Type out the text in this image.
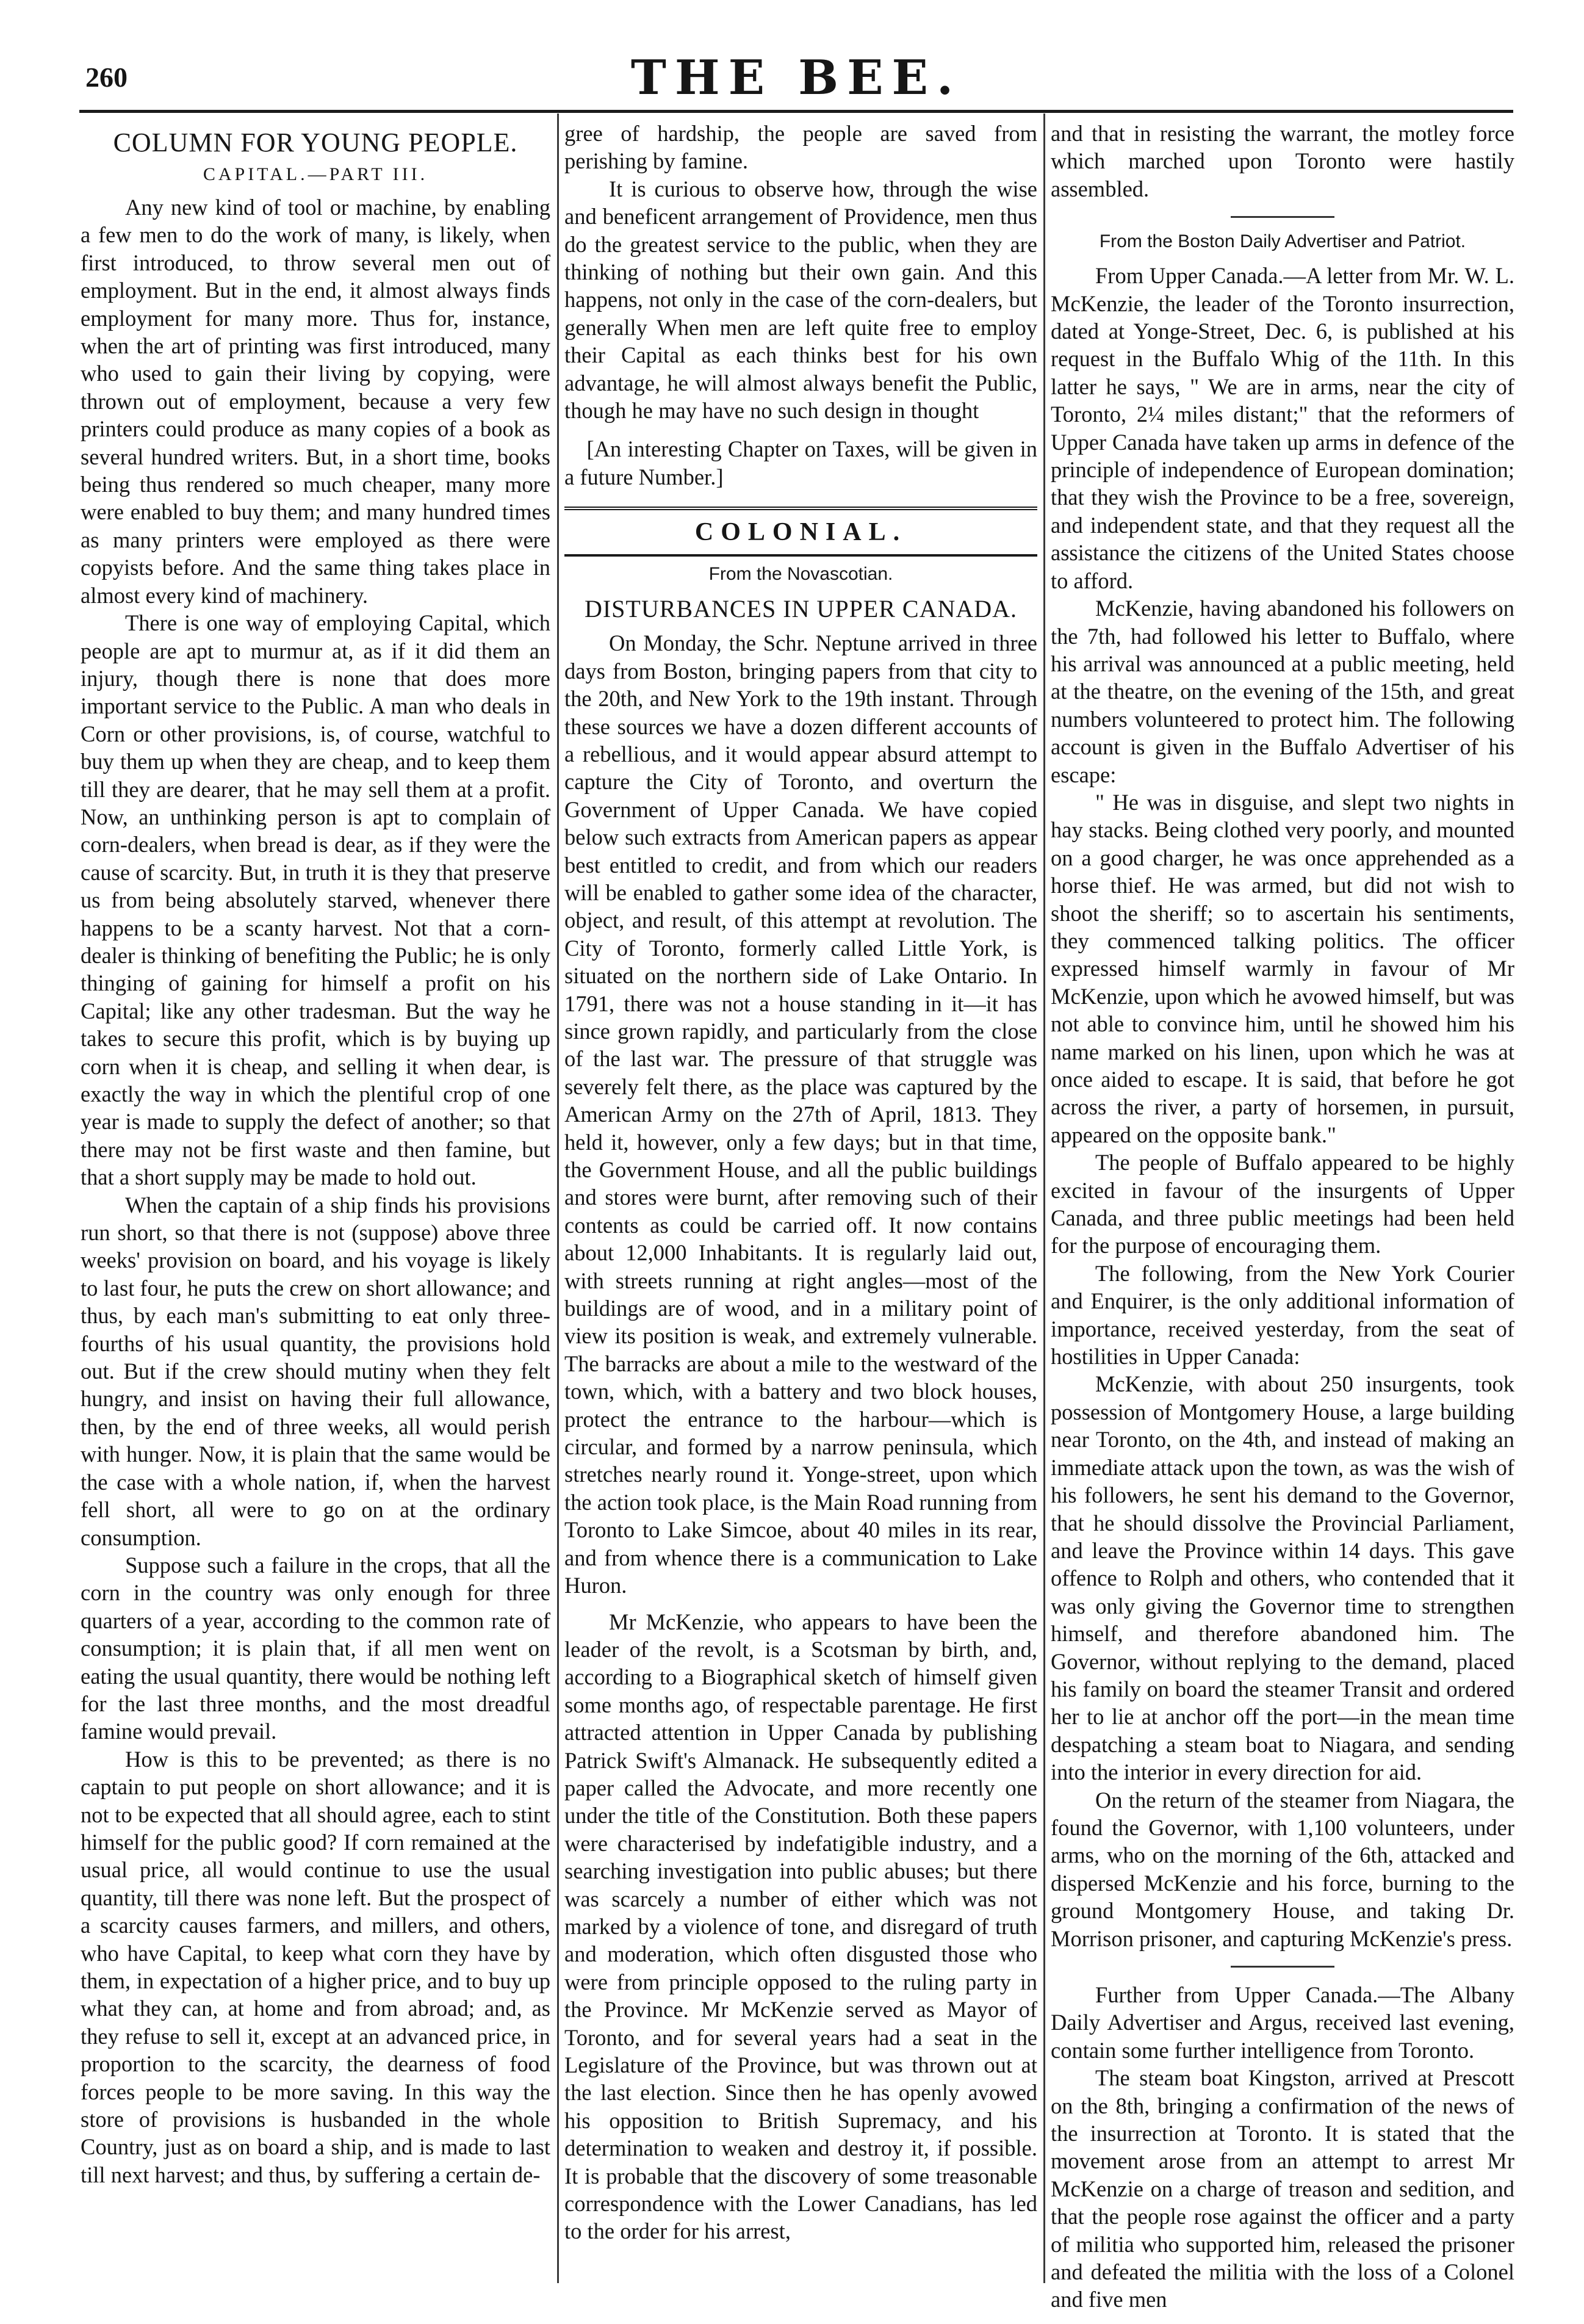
260	THE BEE.
COLUMN FOR YOUNG PEOPLE.
CAPITAL.—PART III.

Any new kind of tool or machine, by enabling a few men to do the work of many, is likely, when first introduced, to throw several men out of employment. But in the end, it almost always finds employment for many more. Thus for, instance, when the art of printing was first introduced, many who used to gain their living by copying, were thrown out of employment, because a very few printers could produce as many copies of a book as several hundred writers. But, in a short time, books being thus rendered so much cheaper, many more were enabled to buy them; and many hundred times as many printers were employed as there were copyists before. And the same thing takes place in almost every kind of machinery.

There is one way of employing Capital, which people are apt to murmur at, as if it did them an injury, though there is none that does more important service to the Public. A man who deals in Corn or other provisions, is, of course, watchful to buy them up when they are cheap, and to keep them till they are dearer, that he may sell them at a profit. Now, an unthinking person is apt to complain of corn-dealers, when bread is dear, as if they were the cause of scarcity. But, in truth it is they that preserve us from being absolutely starved, whenever there happens to be a scanty harvest. Not that a corn-dealer is thinking of benefiting the Public; he is only thinging of gaining for himself a profit on his Capital; like any other tradesman. But the way he takes to secure this profit, which is by buying up corn when it is cheap, and selling it when dear, is exactly the way in which the plentiful crop of one year is made to supply the defect of another; so that there may not be first waste and then famine, but that a short supply may be made to hold out.

When the captain of a ship finds his provisions run short, so that there is not (suppose) above three weeks' provision on board, and his voyage is likely to last four, he puts the crew on short allowance; and thus, by each man's submitting to eat only three-fourths of his usual quantity, the provisions hold out. But if the crew should mutiny when they felt hungry, and insist on having their full allowance, then, by the end of three weeks, all would perish with hunger. Now, it is plain that the same would be the case with a whole nation, if, when the harvest fell short, all were to go on at the ordinary consumption.

Suppose such a failure in the crops, that all the corn in the country was only enough for three quarters of a year, according to the common rate of consumption; it is plain that, if all men went on eating the usual quantity, there would be nothing left for the last three months, and the most dreadful famine would prevail.

How is this to be prevented; as there is no captain to put people on short allowance; and it is not to be expected that all should agree, each to stint himself for the public good? If corn remained at the usual price, all would continue to use the usual quantity, till there was none left. But the prospect of a scarcity causes farmers, and millers, and others, who have Capital, to keep what corn they have by them, in expectation of a higher price, and to buy up what they can, at home and from abroad; and, as they refuse to sell it, except at an advanced price, in proportion to the scarcity, the dearness of food forces people to be more saving. In this way the store of provisions is husbanded in the whole Country, just as on board a ship, and is made to last till next harvest; and thus, by suffering a certain de-

gree of hardship, the people are saved from perishing by famine.

It is curious to observe how, through the wise and beneficent arrangement of Providence, men thus do the greatest service to the public, when they are thinking of nothing but their own gain. And this happens, not only in the case of the corn-dealers, but generally When men are left quite free to employ their Capital as each thinks best for his own advantage, he will almost always benefit the Public, though he may have no such design in thought

[An interesting Chapter on Taxes, will be given in a future Number.]

COLONIAL.
From the Novascotian.
DISTURBANCES IN UPPER CANADA.

On Monday, the Schr. Neptune arrived in three days from Boston, bringing papers from that city to the 20th, and New York to the 19th instant. Through these sources we have a dozen different accounts of a rebellious, and it would appear absurd attempt to capture the City of Toronto, and overturn the Government of Upper Canada. We have copied below such extracts from American papers as appear best entitled to credit, and from which our readers will be enabled to gather some idea of the character, object, and result, of this attempt at revolution. The City of Toronto, formerly called Little York, is situated on the northern side of Lake Ontario. In 1791, there was not a house standing in it—it has since grown rapidly, and particularly from the close of the last war. The pressure of that struggle was severely felt there, as the place was captured by the American Army on the 27th of April, 1813. They held it, however, only a few days; but in that time, the Government House, and all the public buildings and stores were burnt, after removing such of their contents as could be carried off. It now contains about 12,000 Inhabitants. It is regularly laid out, with streets running at right angles—most of the buildings are of wood, and in a military point of view its position is weak, and extremely vulnerable. The barracks are about a mile to the westward of the town, which, with a battery and two block houses, protect the entrance to the harbour—which is circular, and formed by a narrow peninsula, which stretches nearly round it. Yonge-street, upon which the action took place, is the Main Road running from Toronto to Lake Simcoe, about 40 miles in its rear, and from whence there is a communication to Lake Huron.

Mr McKenzie, who appears to have been the leader of the revolt, is a Scotsman by birth, and, according to a Biographical sketch of himself given some months ago, of respectable parentage. He first attracted attention in Upper Canada by publishing Patrick Swift's Almanack. He subsequently edited a paper called the Advocate, and more recently one under the title of the Constitution. Both these papers were characterised by indefatigible industry, and a searching investigation into public abuses; but there was scarcely a number of either which was not marked by a violence of tone, and disregard of truth and moderation, which often disgusted those who were from principle opposed to the ruling party in the Province. Mr McKenzie served as Mayor of Toronto, and for several years had a seat in the Legislature of the Province, but was thrown out at the last election. Since then he has openly avowed his opposition to British Supremacy, and his determination to weaken and destroy it, if possible. It is probable that the discovery of some treasonable correspondence with the Lower Canadians, has led to the order for his arrest,

and that in resisting the warrant, the motley force which marched upon Toronto were hastily assembled.

From the Boston Daily Advertiser and Patriot.

From Upper Canada.—A letter from Mr. W. L. McKenzie, the leader of the Toronto insurrection, dated at Yonge-Street, Dec. 6, is published at his request in the Buffalo Whig of the 11th. In this latter he says, " We are in arms, near the city of Toronto, 2¼ miles distant;" that the reformers of Upper Canada have taken up arms in defence of the principle of independence of European domination; that they wish the Province to be a free, sovereign, and independent state, and that they request all the assistance the citizens of the United States choose to afford.

McKenzie, having abandoned his followers on the 7th, had followed his letter to Buffalo, where his arrival was announced at a public meeting, held at the theatre, on the evening of the 15th, and great numbers volunteered to protect him. The following account is given in the Buffalo Advertiser of his escape:

" He was in disguise, and slept two nights in hay stacks. Being clothed very poorly, and mounted on a good charger, he was once apprehended as a horse thief. He was armed, but did not wish to shoot the sheriff; so to ascertain his sentiments, they commenced talking politics. The officer expressed himself warmly in favour of Mr McKenzie, upon which he avowed himself, but was not able to convince him, until he showed him his name marked on his linen, upon which he was at once aided to escape. It is said, that before he got across the river, a party of horsemen, in pursuit, appeared on the opposite bank."

The people of Buffalo appeared to be highly excited in favour of the insurgents of Upper Canada, and three public meetings had been held for the purpose of encouraging them.

The following, from the New York Courier and Enquirer, is the only additional information of importance, received yesterday, from the seat of hostilities in Upper Canada:

McKenzie, with about 250 insurgents, took possession of Montgomery House, a large building near Toronto, on the 4th, and instead of making an immediate attack upon the town, as was the wish of his followers, he sent his demand to the Governor, that he should dissolve the Provincial Parliament, and leave the Province within 14 days. This gave offence to Rolph and others, who contended that it was only giving the Governor time to strengthen himself, and therefore abandoned him. The Governor, without replying to the demand, placed his family on board the steamer Transit and ordered her to lie at anchor off the port—in the mean time despatching a steam boat to Niagara, and sending into the interior in every direction for aid.

On the return of the steamer from Niagara, the found the Governor, with 1,100 volunteers, under arms, who on the morning of the 6th, attacked and dispersed McKenzie and his force, burning to the ground Montgomery House, and taking Dr. Morrison prisoner, and capturing McKenzie's press.

Further from Upper Canada.—The Albany Daily Advertiser and Argus, received last evening, contain some further intelligence from Toronto.

The steam boat Kingston, arrived at Prescott on the 8th, bringing a confirmation of the news of the insurrection at Toronto. It is stated that the movement arose from an attempt to arrest Mr McKenzie on a charge of treason and sedition, and that the people rose against the officer and a party of militia who supported him, released the prisoner and defeated the militia with the loss of a Colonel and five men
